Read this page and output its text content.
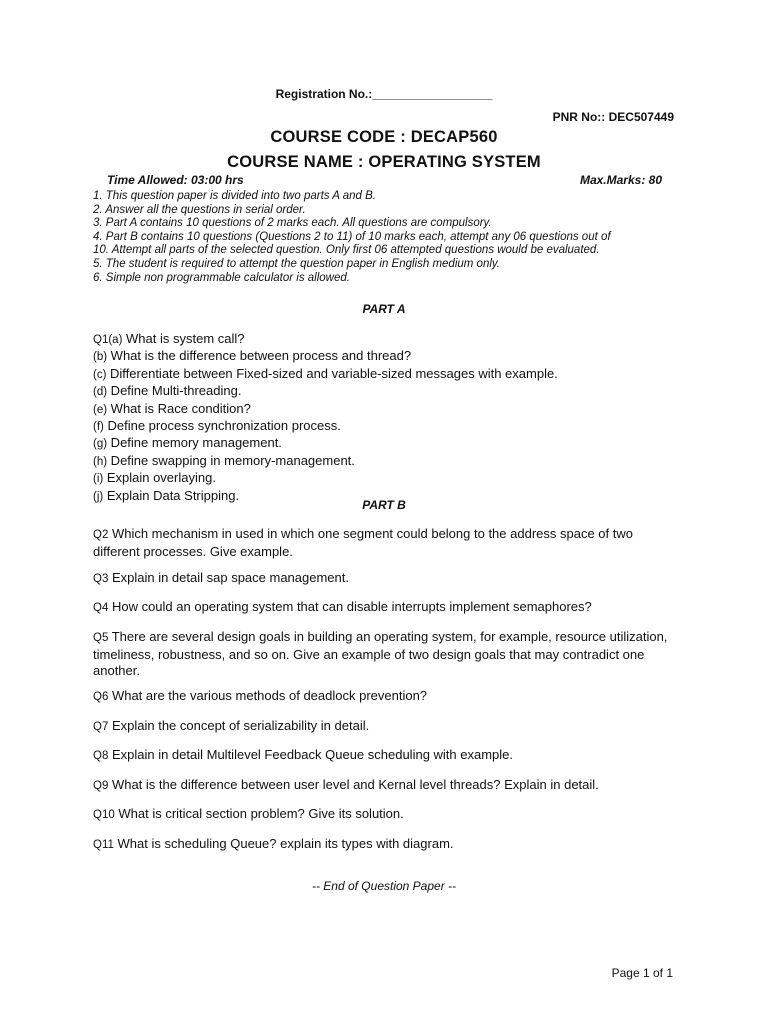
Registration No.:__________________
PNR No:: DEC507449
COURSE CODE : DECAP560
COURSE NAME : OPERATING SYSTEM
Time Allowed: 03:00 hrs	Max.Marks: 80
1. This question paper is divided into two parts A and B.
2. Answer all the questions in serial order.
3. Part A contains 10 questions of 2 marks each. All questions are compulsory.
4. Part B contains 10 questions (Questions 2 to 11) of 10 marks each, attempt any 06 questions out of
10. Attempt all parts of the selected question. Only first 06 attempted questions would be evaluated.
5. The student is required to attempt the question paper in English medium only.
6. Simple non programmable calculator is allowed.
PART A
Q1(a) What is system call?
(b) What is the difference between process and thread?
(c) Differentiate between Fixed-sized and variable-sized messages with example.
(d) Define Multi-threading.
(e) What is Race condition?
(f) Define process synchronization process.
(g) Define memory management.
(h) Define swapping in memory-management.
(i) Explain overlaying.
(j) Explain Data Stripping.
PART B
Q2 Which mechanism in used in which one segment could belong to the address space of two different processes. Give example.
Q3 Explain in detail sap space management.
Q4 How could an operating system that can disable interrupts implement semaphores?
Q5 There are several design goals in building an operating system, for example, resource utilization, timeliness, robustness, and so on. Give an example of two design goals that may contradict one another.
Q6 What are the various methods of deadlock prevention?
Q7 Explain the concept of serializability in detail.
Q8 Explain in detail Multilevel Feedback Queue scheduling with example.
Q9 What is the difference between user level and Kernal level threads? Explain in detail.
Q10 What is critical section problem? Give its solution.
Q11 What is scheduling Queue? explain its types with diagram.
-- End of Question Paper --
Page 1 of 1
